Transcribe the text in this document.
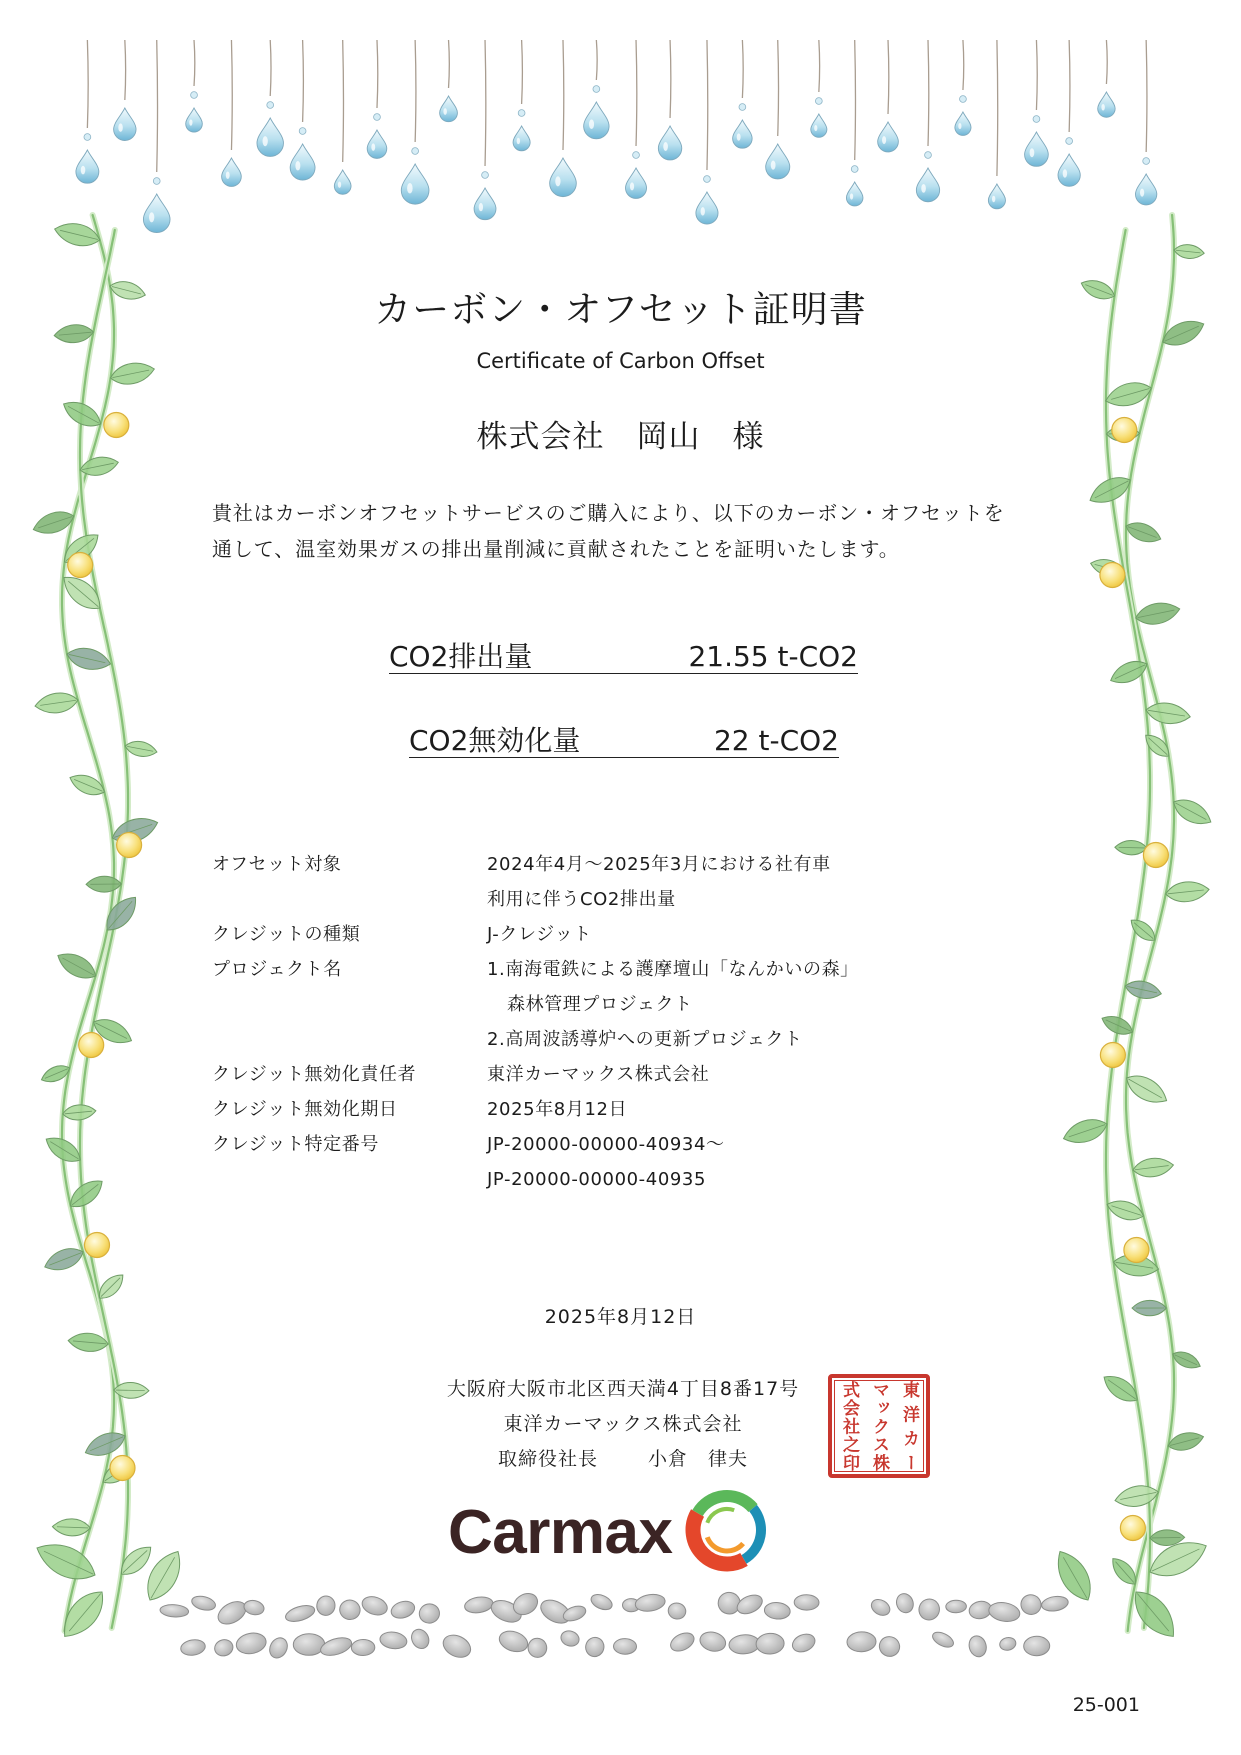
カーボン・オフセット証明書
Certificate of Carbon Offset
株式会社　岡山　様
貴社はカーボンオフセットサービスのご購入により、以下のカーボン・オフセットを
通して、温室効果ガスの排出量削減に貢献されたことを証明いたします。
CO2排出量	21.55 t-CO2
CO2無効化量	22 t-CO2
オフセット対象	2024年4月～2025年3月における社有車
利用に伴うCO2排出量
クレジットの種類	J-クレジット
プロジェクト名	1.南海電鉄による護摩壇山「なんかいの森」
森林管理プロジェクト
2.高周波誘導炉への更新プロジェクト
クレジット無効化責任者	東洋カーマックス株式会社
クレジット無効化期日	2025年8月12日
クレジット特定番号	JP-20000-00000-40934～
JP-20000-00000-40935
2025年8月12日
大阪府大阪市北区西天満4丁目8番17号
東洋カーマックス株式会社
取締役社長	小倉　律夫	東洋カー
マックス株
式会社之印
Carmax
25-001
